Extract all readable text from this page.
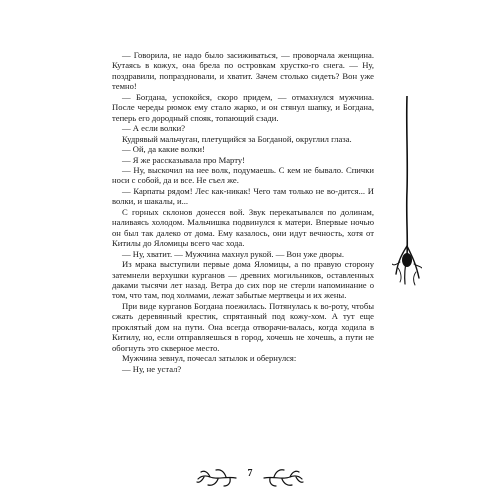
— Говорила, не надо было засиживаться, — проворчала женщина. Кутаясь в кожух, она брела по островкам хрустко-го снега. — Ну, поздравили, попраздновали, и хватит. Зачем столько сидеть? Вон уже темно!

— Богдана, успокойся, скоро придем, — отмахнулся мужчина. После череды рюмок ему стало жарко, и он стянул шапку, и Богдана, теперь его дородный спояк, топающий сзади.

— А если волки?

Кудрявый мальчуган, плетущийся за Богданой, округлил глаза.

— Ой, да какие волки!

— Я же рассказывала про Марту!

— Ну, выскочил на нее волк, подумаешь. С кем не бывало. Спички носи с собой, да и все. Не съел же.

— Карпаты рядом! Лес как-никак! Чего там только не во-дится... И волки, и шакалы, и...

С горных склонов донесся вой. Звук перекатывался по долинам, наливаясь холодом. Мальчишка подвинулся к матери. Впервые ночью он был так далеко от дома. Ему казалось, они идут вечность, хотя от Китилы до Яломицы всего час хода.

— Ну, хватит. — Мужчина махнул рукой. — Вон уже дворы.

Из мрака выступили первые дома Яломицы, а по правую сторону затемнели верхушки курганов — древних могильников, оставленных даками тысячи лет назад. Ветра до сих пор не стерли напоминание о том, что там, под холмами, лежат забытые мертвецы и их жены.

При виде курганов Богдана поежилась. Потянулась к во-роту, чтобы сжать деревянный крестик, спрятанный под кожу-хом. А тут еще проклятый дом на пути. Она всегда отворачи-валась, когда ходила в Китилу, но, если отправляешься в город, хочешь не хочешь, а пути не обогнуть это скверное место.

Мужчина зевнул, почесал затылок и обернулся:

— Ну, не устал?

7
